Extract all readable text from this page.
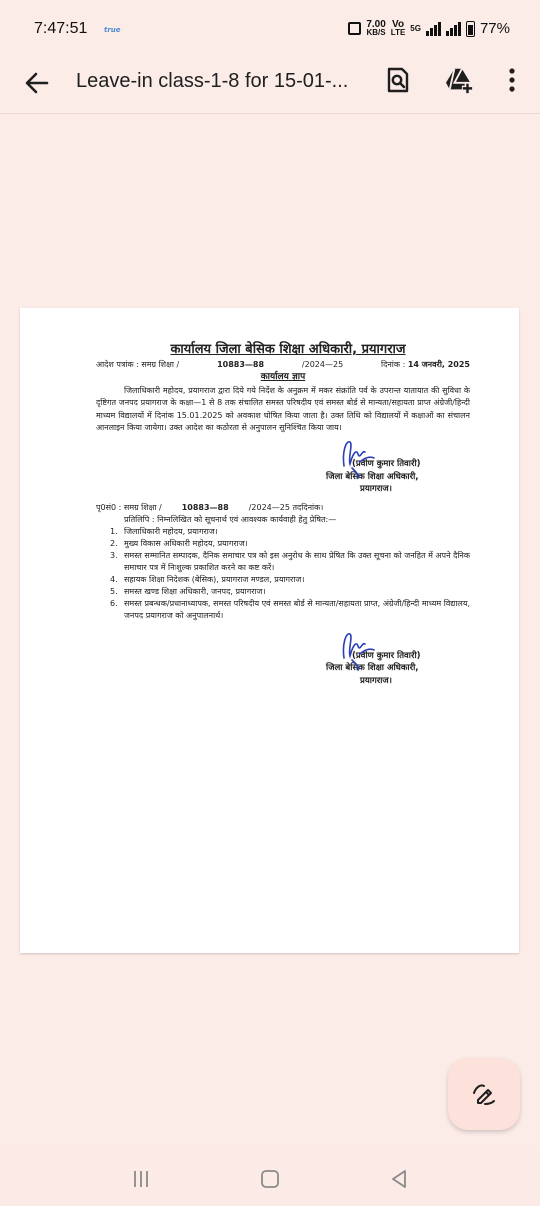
7:47:51 true
7.00
KB/S
Vo
LTE 5G	77%
Leave-in class-1-8 for 15-01-...
कार्यालय जिला बेसिक शिक्षा अधिकारी, प्रयागराज
आदेश पत्रांक : समग्र शिक्षा /	10883—88	/2024—25	दिनांक : 14 जनवरी, 2025
कार्यालय ज्ञाप

जिलाधिकारी महोदय, प्रयागराज द्वारा दिये गये निर्देश के अनुक्रम में मकर संक्रांति पर्व के उपरान्त यातायात की सुविधा के दृष्टिगत जनपद प्रयागराज के कक्षा—1 से 8 तक संचालित समस्त परिषदीय एवं समस्त बोर्ड से मान्यता/सहायता प्राप्त अंग्रेजी/हिन्दी माध्यम विद्यालयों में दिनांक 15.01.2025 को अवकाश घोषित किया जाता है। उक्त तिथि को विद्यालयों में कक्षाओं का संचालन आनलाइन किया जायेगा। उक्त आदेश का कठोरता से अनुपालन सुनिश्चित किया जाय।

(प्रवीण कुमार तिवारी)
जिला बेसिक शिक्षा अधिकारी,
प्रयागराज।
पृ0सं0 : समग्र शिक्षा /	10883—88	/2024—25 तददिनांक।
प्रतिलिपि : निम्नलिखित को सूचनार्थ एवं आवश्यक कार्यवाही हेतु प्रेषित:—
1. जिलाधिकारी महोदय, प्रयागराज।
2. मुख्य विकास अधिकारी महोदय, प्रयागराज।
3. समस्त सम्मानित सम्पादक, दैनिक समाचार पत्र को इस अनुरोध के साथ प्रेषित कि उक्त सूचना को जनहित में अपने दैनिक समाचार पत्र में निःशुल्क प्रकाशित करने का कष्ट करें।
4. सहायक शिक्षा निदेशक (बेसिक), प्रयागराज मण्डल, प्रयागराज।
5. समस्त खण्ड शिक्षा अधिकारी, जनपद, प्रयागराज।
6. समस्त प्रबन्धक/प्रधानाध्यापक, समस्त परिषदीय एवं समस्त बोर्ड से मान्यता/सहायता प्राप्त, अंग्रेजी/हिन्दी माध्यम विद्यालय, जनपद प्रयागराज को अनुपालनार्थ।
(प्रवीण कुमार तिवारी)
जिला बेसिक शिक्षा अधिकारी,
प्रयागराज।
